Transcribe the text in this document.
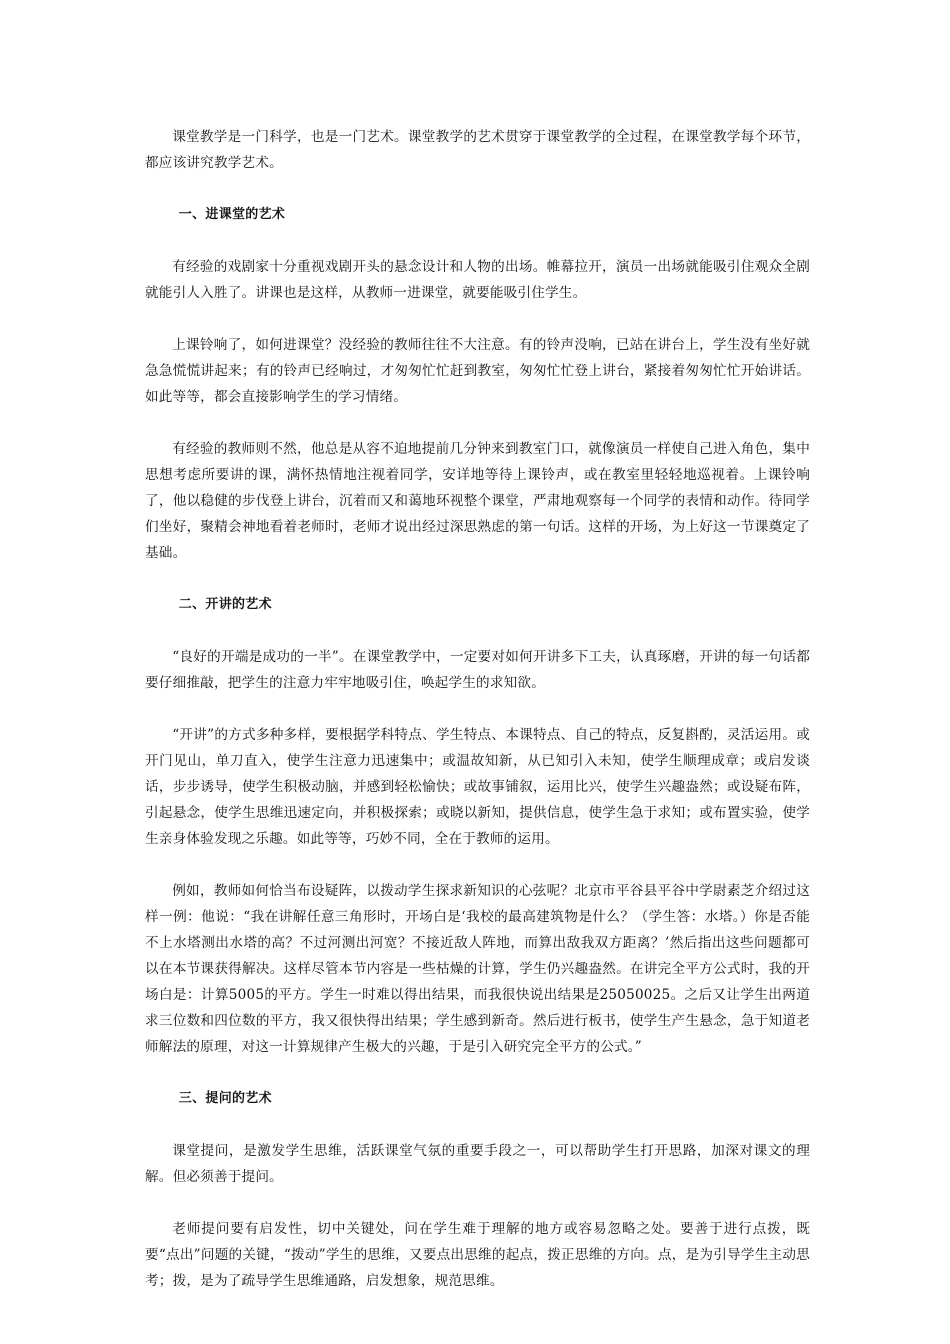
课堂教学是一门科学，也是一门艺术。课堂教学的艺术贯穿于课堂教学的全过程，在课堂教学每个环节，都应该讲究教学艺术。

一、进课堂的艺术

有经验的戏剧家十分重视戏剧开头的悬念设计和人物的出场。帷幕拉开，演员一出场就能吸引住观众全剧就能引人入胜了。讲课也是这样，从教师一进课堂，就要能吸引住学生。

上课铃响了，如何进课堂？没经验的教师往往不大注意。有的铃声没响，已站在讲台上，学生没有坐好就急急慌慌讲起来；有的铃声已经响过，才匆匆忙忙赶到教室，匆匆忙忙登上讲台，紧接着匆匆忙忙开始讲话。如此等等，都会直接影响学生的学习情绪。

有经验的教师则不然，他总是从容不迫地提前几分钟来到教室门口，就像演员一样使自己进入角色，集中思想考虑所要讲的课，满怀热情地注视着同学，安详地等待上课铃声，或在教室里轻轻地巡视着。上课铃响了，他以稳健的步伐登上讲台，沉着而又和蔼地环视整个课堂，严肃地观察每一个同学的表情和动作。待同学们坐好，聚精会神地看着老师时，老师才说出经过深思熟虑的第一句话。这样的开场，为上好这一节课奠定了基础。

二、开讲的艺术

“良好的开端是成功的一半”。在课堂教学中，一定要对如何开讲多下工夫，认真琢磨，开讲的每一句话都要仔细推敲，把学生的注意力牢牢地吸引住，唤起学生的求知欲。

“开讲”的方式多种多样，要根据学科特点、学生特点、本课特点、自己的特点，反复斟酌，灵活运用。或开门见山，单刀直入，使学生注意力迅速集中；或温故知新，从已知引入未知，使学生顺理成章；或启发谈话，步步诱导，使学生积极动脑，并感到轻松愉快；或故事铺叙，运用比兴，使学生兴趣盎然；或设疑布阵，引起悬念，使学生思维迅速定向，并积极探索；或晓以新知，提供信息，使学生急于求知；或布置实验，使学生亲身体验发现之乐趣。如此等等，巧妙不同，全在于教师的运用。

例如，教师如何恰当布设疑阵，以拨动学生探求新知识的心弦呢？北京市平谷县平谷中学尉素芝介绍过这样一例：他说：“我在讲解任意三角形时，开场白是‘我校的最高建筑物是什么？（学生答：水塔。）你是否能不上水塔测出水塔的高？不过河测出河宽？不接近敌人阵地，而算出敌我双方距离？’然后指出这些问题都可以在本节课获得解决。这样尽管本节内容是一些枯燥的计算，学生仍兴趣盎然。在讲完全平方公式时，我的开场白是：计算5005的平方。学生一时难以得出结果，而我很快说出结果是25050025。之后又让学生出两道求三位数和四位数的平方，我又很快得出结果；学生感到新奇。然后进行板书，使学生产生悬念，急于知道老师解法的原理，对这一计算规律产生极大的兴趣，于是引入研究完全平方的公式。”

三、提问的艺术

课堂提问，是激发学生思维，活跃课堂气氛的重要手段之一，可以帮助学生打开思路，加深对课文的理解。但必须善于提问。

老师提问要有启发性，切中关键处，问在学生难于理解的地方或容易忽略之处。要善于进行点拨，既要“点出”问题的关键，“拨动”学生的思维，又要点出思维的起点，拨正思维的方向。点，是为引导学生主动思考；拨，是为了疏导学生思维通路，启发想象，规范思维。
